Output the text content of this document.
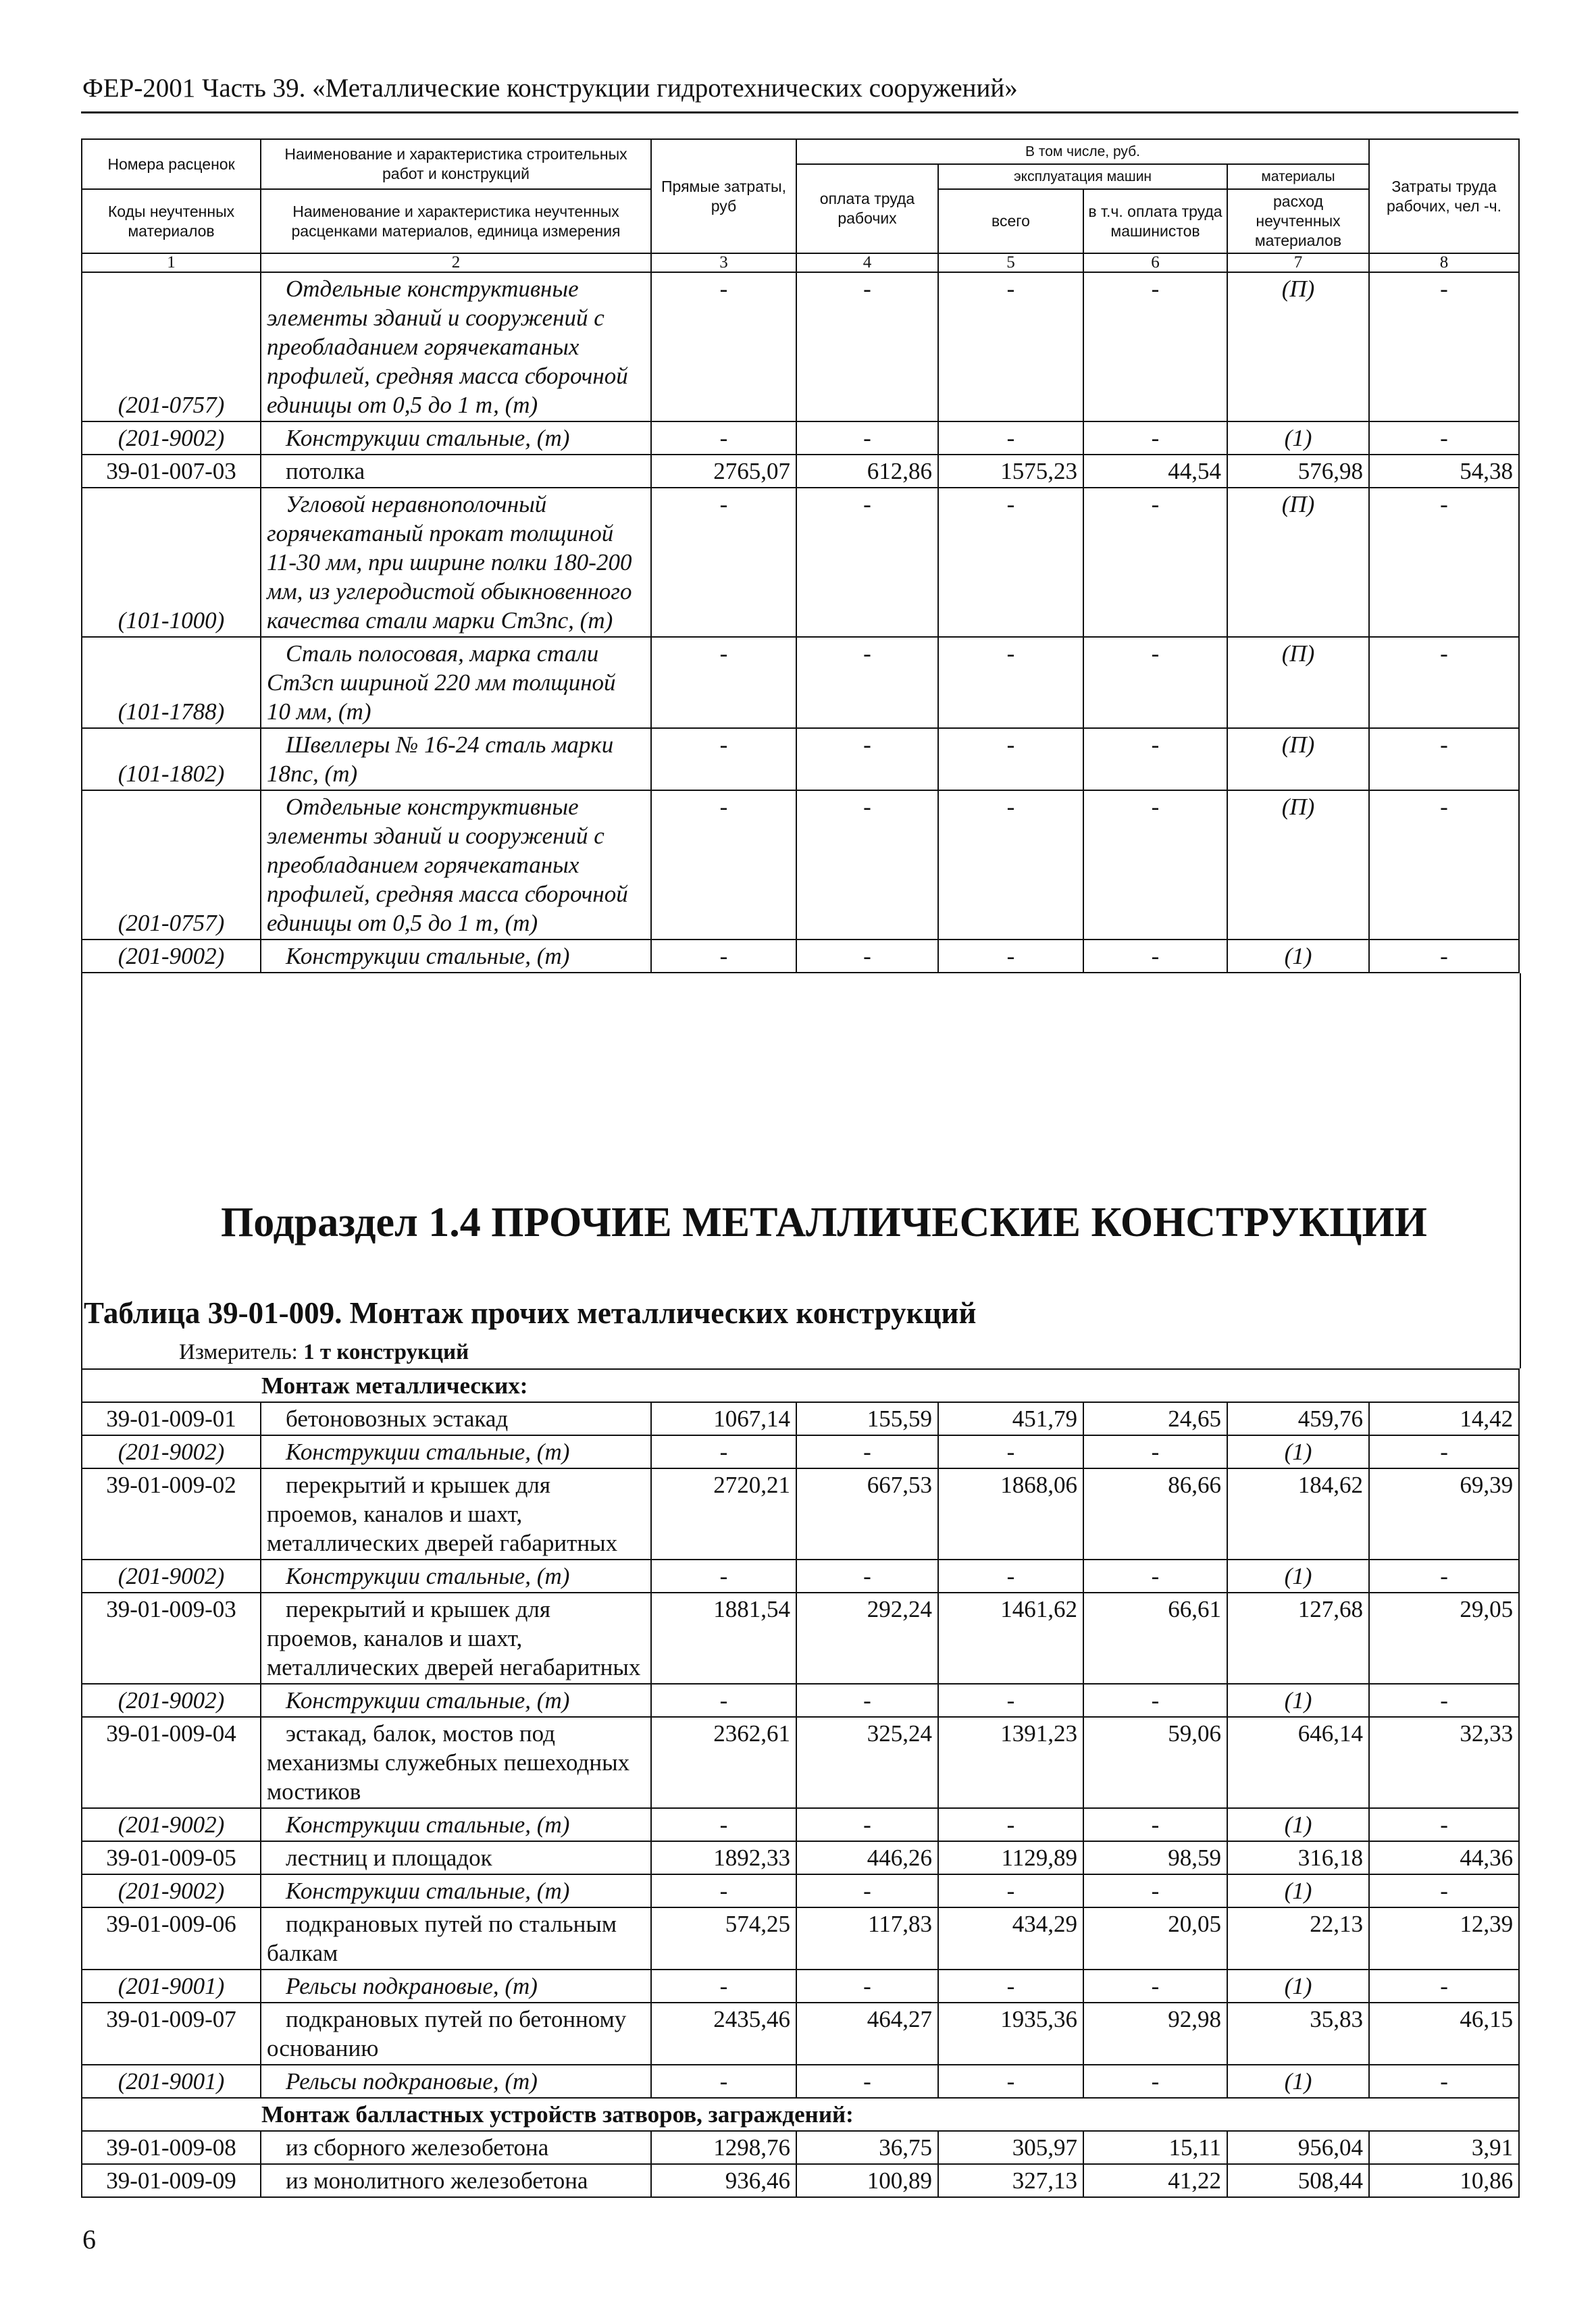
ФЕР-2001 Часть 39. «Металлические конструкции гидротехнических сооружений»
Номера расценок	Наименование и характеристика строительных работ и конструкций	Прямые затраты, руб	В том числе, руб.				Затраты труда рабочих, чел -ч.
			оплата труда рабочих	эксплуатация машин		материалы	
Коды неучтенных материалов	Наименование и характеристика неучтенных расценками материалов, единица измерения			всего	в т.ч. оплата труда машинистов	расход неучтенных материалов	

1	2	3	4	5	6	7	8
(201-0757)	Отдельные конструктивные элементы зданий и сооружений с преобладанием горячекатаных профилей, средняя масса сборочной единицы от 0,5 до 1 т, (т)	-	-	-	-	(П)	-
(201-9002)	Конструкции стальные, (т)	-	-	-	-	(1)	-
39-01-007-03	потолка	2765,07	612,86	1575,23	44,54	576,98	54,38
(101-1000)	Угловой неравнополочный горячекатаный прокат толщиной 11-30 мм, при ширине полки 180-200 мм, из углеродистой обыкновенного качества стали марки Ст3пс, (т)	-	-	-	-	(П)	-
(101-1788)	Сталь полосовая, марка стали Ст3сп шириной 220 мм толщиной 10 мм, (т)	-	-	-	-	(П)	-
(101-1802)	Швеллеры № 16-24 сталь марки 18пс, (т)	-	-	-	-	(П)	-
(201-0757)	Отдельные конструктивные элементы зданий и сооружений с преобладанием горячекатаных профилей, средняя масса сборочной единицы от 0,5 до 1 т, (т)	-	-	-	-	(П)	-
(201-9002)	Конструкции стальные, (т)	-	-	-	-	(1)	-
Подраздел 1.4 ПРОЧИЕ МЕТАЛЛИЧЕСКИЕ КОНСТРУКЦИИ
Таблица 39-01-009. Монтаж прочих металлических конструкций
Измеритель: 1 т конструкций
Монтаж металлических:							
39-01-009-01	бетоновозных эстакад	1067,14	155,59	451,79	24,65	459,76	14,42
(201-9002)	Конструкции стальные, (т)	-	-	-	-	(1)	-
39-01-009-02	перекрытий и крышек для проемов, каналов и шахт, металлических дверей габаритных	2720,21	667,53	1868,06	86,66	184,62	69,39
(201-9002)	Конструкции стальные, (т)	-	-	-	-	(1)	-
39-01-009-03	перекрытий и крышек для проемов, каналов и шахт, металлических дверей негабаритных	1881,54	292,24	1461,62	66,61	127,68	29,05
(201-9002)	Конструкции стальные, (т)	-	-	-	-	(1)	-
39-01-009-04	эстакад, балок, мостов под механизмы служебных пешеходных мостиков	2362,61	325,24	1391,23	59,06	646,14	32,33
(201-9002)	Конструкции стальные, (т)	-	-	-	-	(1)	-
39-01-009-05	лестниц и площадок	1892,33	446,26	1129,89	98,59	316,18	44,36
(201-9002)	Конструкции стальные, (т)	-	-	-	-	(1)	-
39-01-009-06	подкрановых путей по стальным балкам	574,25	117,83	434,29	20,05	22,13	12,39
(201-9001)	Рельсы подкрановые, (т)	-	-	-	-	(1)	-
39-01-009-07	подкрановых путей по бетонному основанию	2435,46	464,27	1935,36	92,98	35,83	46,15
(201-9001)	Рельсы подкрановые, (т)	-	-	-	-	(1)	-
Монтаж балластных устройств затворов, заграждений:							
39-01-009-08	из сборного железобетона	1298,76	36,75	305,97	15,11	956,04	3,91
39-01-009-09	из монолитного железобетона	936,46	100,89	327,13	41,22	508,44	10,86
6
